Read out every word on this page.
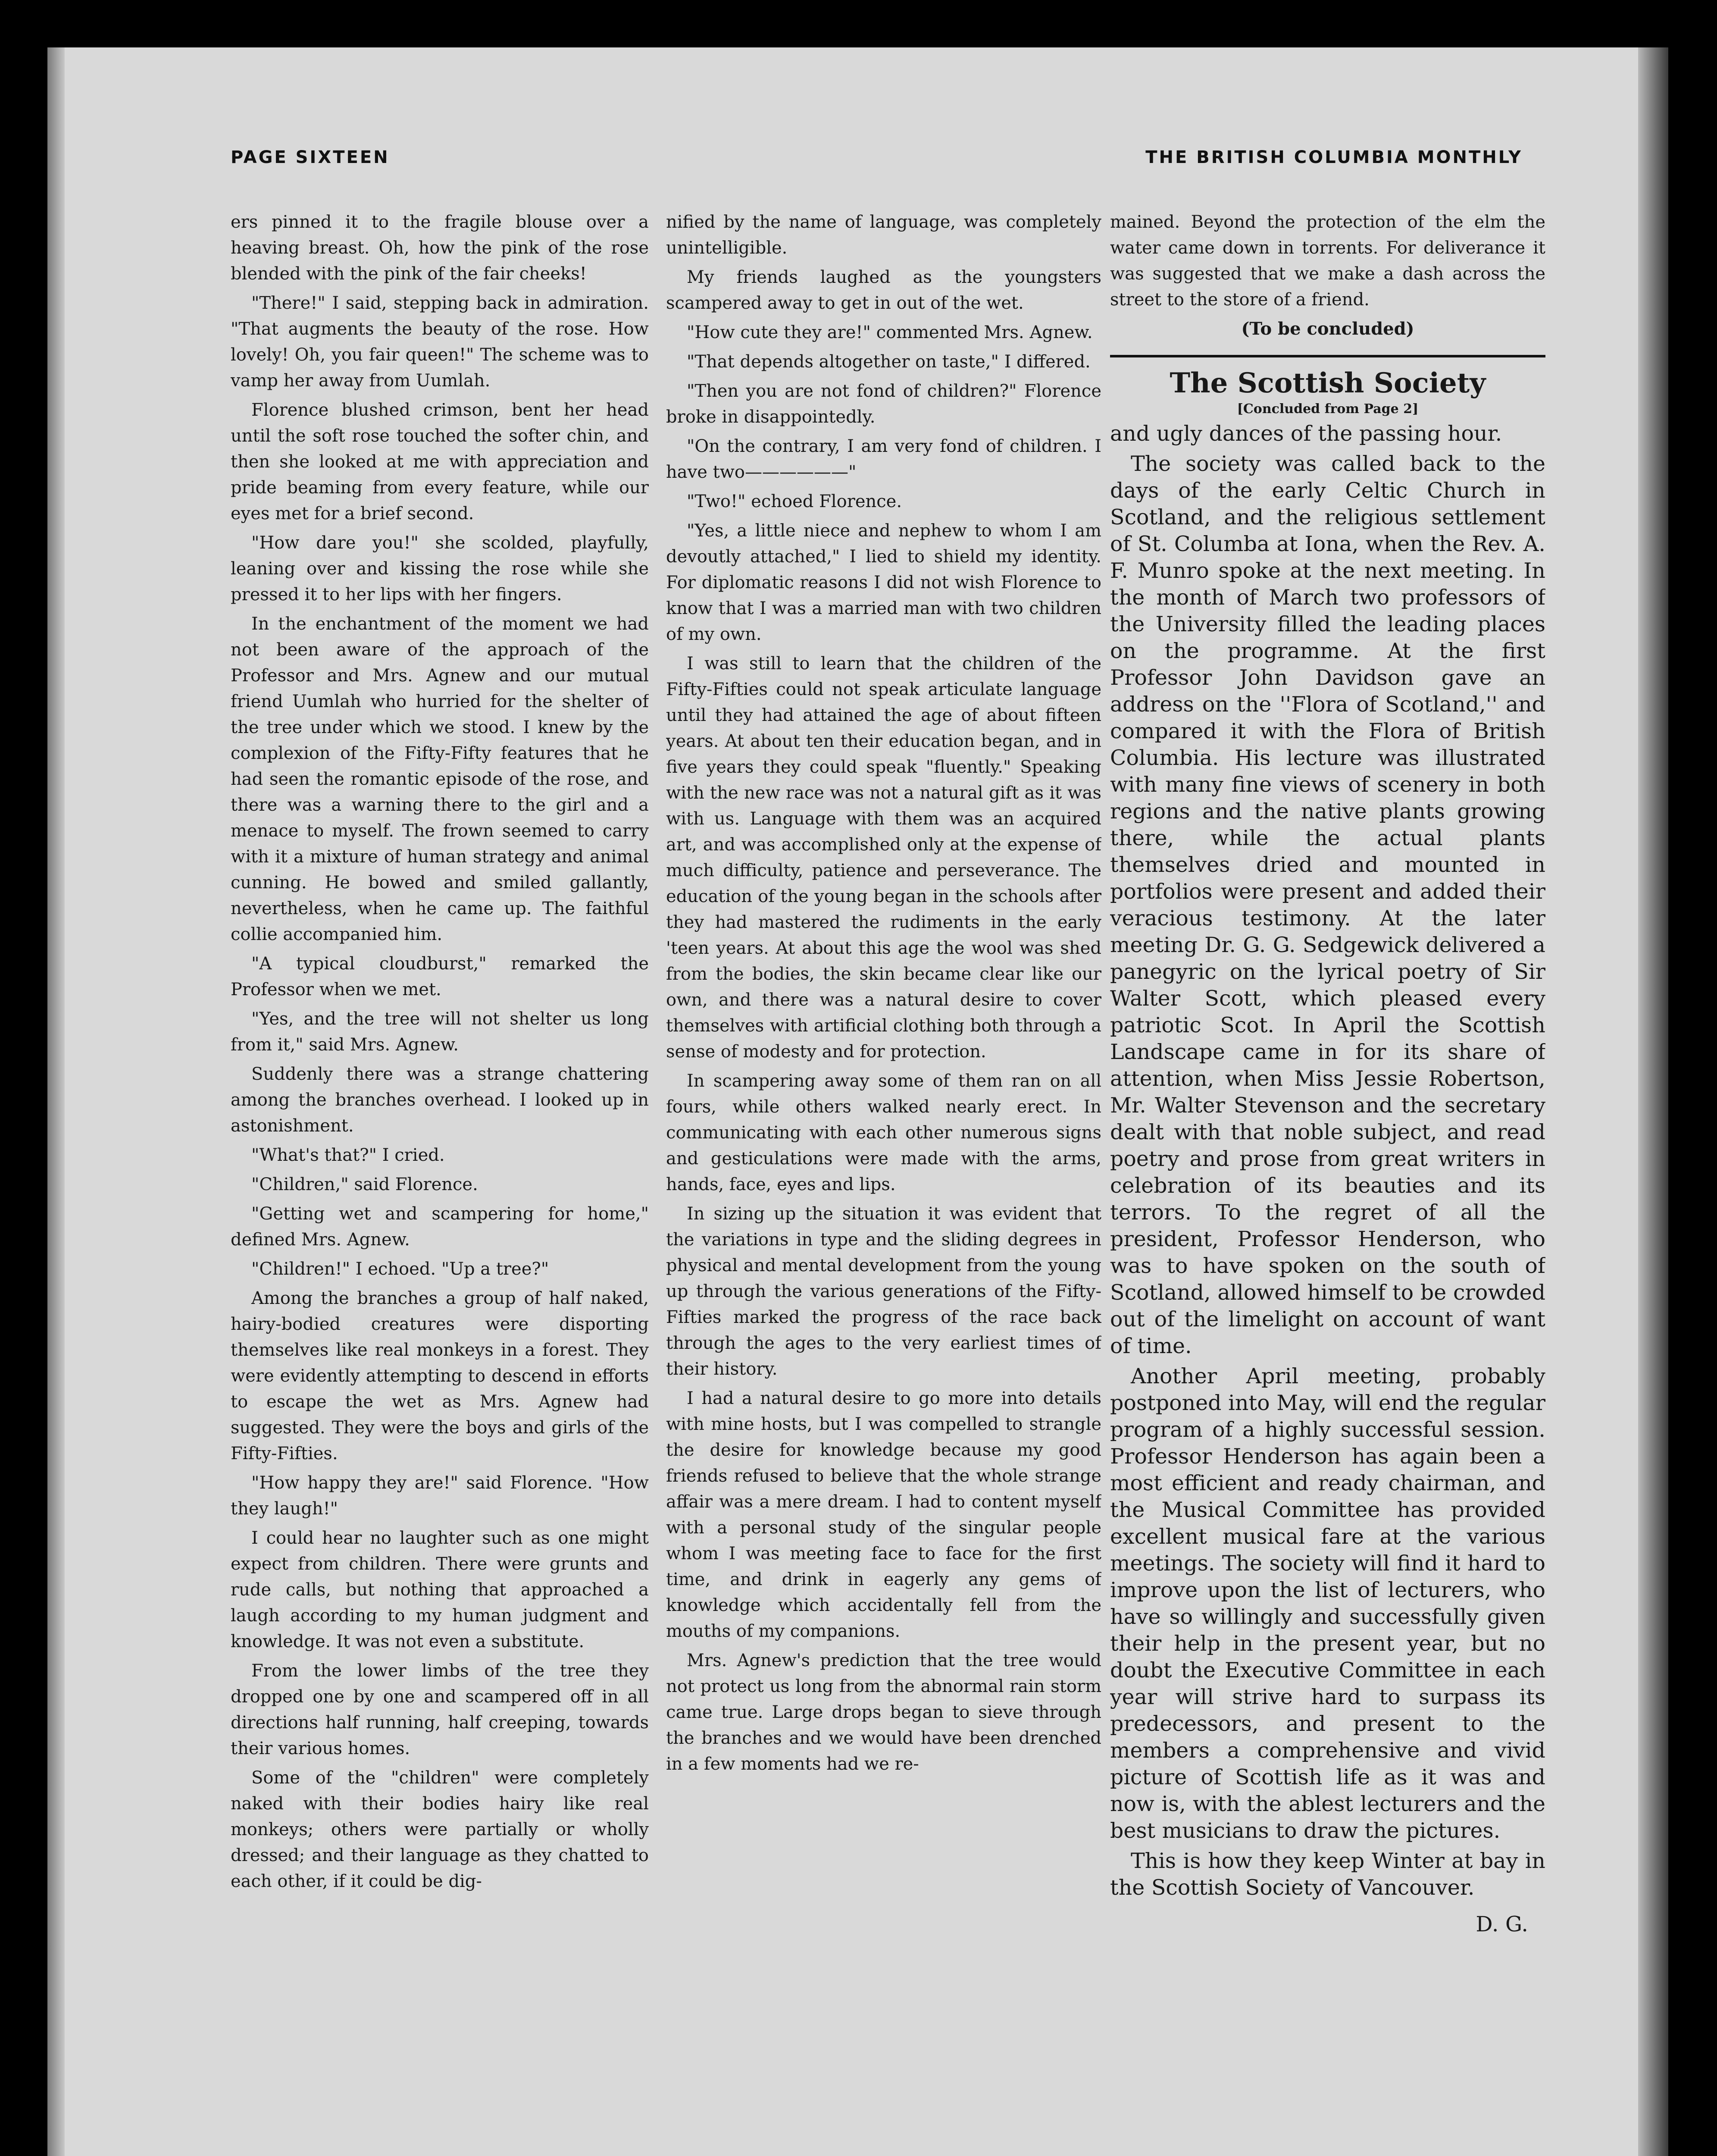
PAGE SIXTEEN	THE BRITISH COLUMBIA MONTHLY

ers pinned it to the fragile blouse over a heaving breast. Oh, how the pink of the rose blended with the pink of the fair cheeks!

"There!" I said, stepping back in admiration. "That augments the beauty of the rose. How lovely! Oh, you fair queen!" The scheme was to vamp her away from Uumlah.

Florence blushed crimson, bent her head until the soft rose touched the softer chin, and then she looked at me with appreciation and pride beaming from every feature, while our eyes met for a brief second.

"How dare you!" she scolded, playfully, leaning over and kissing the rose while she pressed it to her lips with her fingers.

In the enchantment of the moment we had not been aware of the approach of the Professor and Mrs. Agnew and our mutual friend Uumlah who hurried for the shelter of the tree under which we stood. I knew by the complexion of the Fifty-Fifty features that he had seen the romantic episode of the rose, and there was a warning there to the girl and a menace to myself. The frown seemed to carry with it a mixture of human strategy and animal cunning. He bowed and smiled gallantly, nevertheless, when he came up. The faithful collie accompanied him.

"A typical cloudburst," remarked the Professor when we met.

"Yes, and the tree will not shelter us long from it," said Mrs. Agnew.

Suddenly there was a strange chattering among the branches overhead. I looked up in astonishment.

"What's that?" I cried.

"Children," said Florence.

"Getting wet and scampering for home," defined Mrs. Agnew.

"Children!" I echoed. "Up a tree?"

Among the branches a group of half naked, hairy-bodied creatures were disporting themselves like real monkeys in a forest. They were evidently attempting to descend in efforts to escape the wet as Mrs. Agnew had suggested. They were the boys and girls of the Fifty-Fifties.

"How happy they are!" said Florence. "How they laugh!"

I could hear no laughter such as one might expect from children. There were grunts and rude calls, but nothing that approached a laugh according to my human judgment and knowledge. It was not even a substitute.

From the lower limbs of the tree they dropped one by one and scampered off in all directions half running, half creeping, towards their various homes.

Some of the "children" were completely naked with their bodies hairy like real monkeys; others were partially or wholly dressed; and their language as they chatted to each other, if it could be dig-

nified by the name of language, was completely unintelligible.

My friends laughed as the youngsters scampered away to get in out of the wet.

"How cute they are!" commented Mrs. Agnew.

"That depends altogether on taste," I differed.

"Then you are not fond of children?" Florence broke in disappointedly.

"On the contrary, I am very fond of children. I have two——————"

"Two!" echoed Florence.

"Yes, a little niece and nephew to whom I am devoutly attached," I lied to shield my identity. For diplomatic reasons I did not wish Florence to know that I was a married man with two children of my own.

I was still to learn that the children of the Fifty-Fifties could not speak articulate language until they had attained the age of about fifteen years. At about ten their education began, and in five years they could speak "fluently." Speaking with the new race was not a natural gift as it was with us. Language with them was an acquired art, and was accomplished only at the expense of much difficulty, patience and perseverance. The education of the young began in the schools after they had mastered the rudiments in the early 'teen years. At about this age the wool was shed from the bodies, the skin became clear like our own, and there was a natural desire to cover themselves with artificial clothing both through a sense of modesty and for protection.

In scampering away some of them ran on all fours, while others walked nearly erect. In communicating with each other numerous signs and gesticulations were made with the arms, hands, face, eyes and lips.

In sizing up the situation it was evident that the variations in type and the sliding degrees in physical and mental development from the young up through the various generations of the Fifty-Fifties marked the progress of the race back through the ages to the very earliest times of their history.

I had a natural desire to go more into details with mine hosts, but I was compelled to strangle the desire for knowledge because my good friends refused to believe that the whole strange affair was a mere dream. I had to content myself with a personal study of the singular people whom I was meeting face to face for the first time, and drink in eagerly any gems of knowledge which accidentally fell from the mouths of my companions.

Mrs. Agnew's prediction that the tree would not protect us long from the abnormal rain storm came true. Large drops began to sieve through the branches and we would have been drenched in a few moments had we re-

mained. Beyond the protection of the elm the water came down in torrents. For deliverance it was suggested that we make a dash across the street to the store of a friend.

(To be concluded)
The Scottish Society
[Concluded from Page 2]

and ugly dances of the passing hour.

The society was called back to the days of the early Celtic Church in Scotland, and the religious settlement of St. Columba at Iona, when the Rev. A. F. Munro spoke at the next meeting. In the month of March two professors of the University filled the leading places on the programme. At the first Professor John Davidson gave an address on the ''Flora of Scotland,'' and compared it with the Flora of British Columbia. His lecture was illustrated with many fine views of scenery in both regions and the native plants growing there, while the actual plants themselves dried and mounted in portfolios were present and added their veracious testimony. At the later meeting Dr. G. G. Sedgewick delivered a panegyric on the lyrical poetry of Sir Walter Scott, which pleased every patriotic Scot. In April the Scottish Landscape came in for its share of attention, when Miss Jessie Robertson, Mr. Walter Stevenson and the secretary dealt with that noble subject, and read poetry and prose from great writers in celebration of its beauties and its terrors. To the regret of all the president, Professor Henderson, who was to have spoken on the south of Scotland, allowed himself to be crowded out of the limelight on account of want of time.

Another April meeting, probably postponed into May, will end the regular program of a highly successful session. Professor Henderson has again been a most efficient and ready chairman, and the Musical Committee has provided excellent musical fare at the various meetings. The society will find it hard to improve upon the list of lecturers, who have so willingly and successfully given their help in the present year, but no doubt the Executive Committee in each year will strive hard to surpass its predecessors, and present to the members a comprehensive and vivid picture of Scottish life as it was and now is, with the ablest lecturers and the best musicians to draw the pictures.

This is how they keep Winter at bay in the Scottish Society of Vancouver.

D. G.
